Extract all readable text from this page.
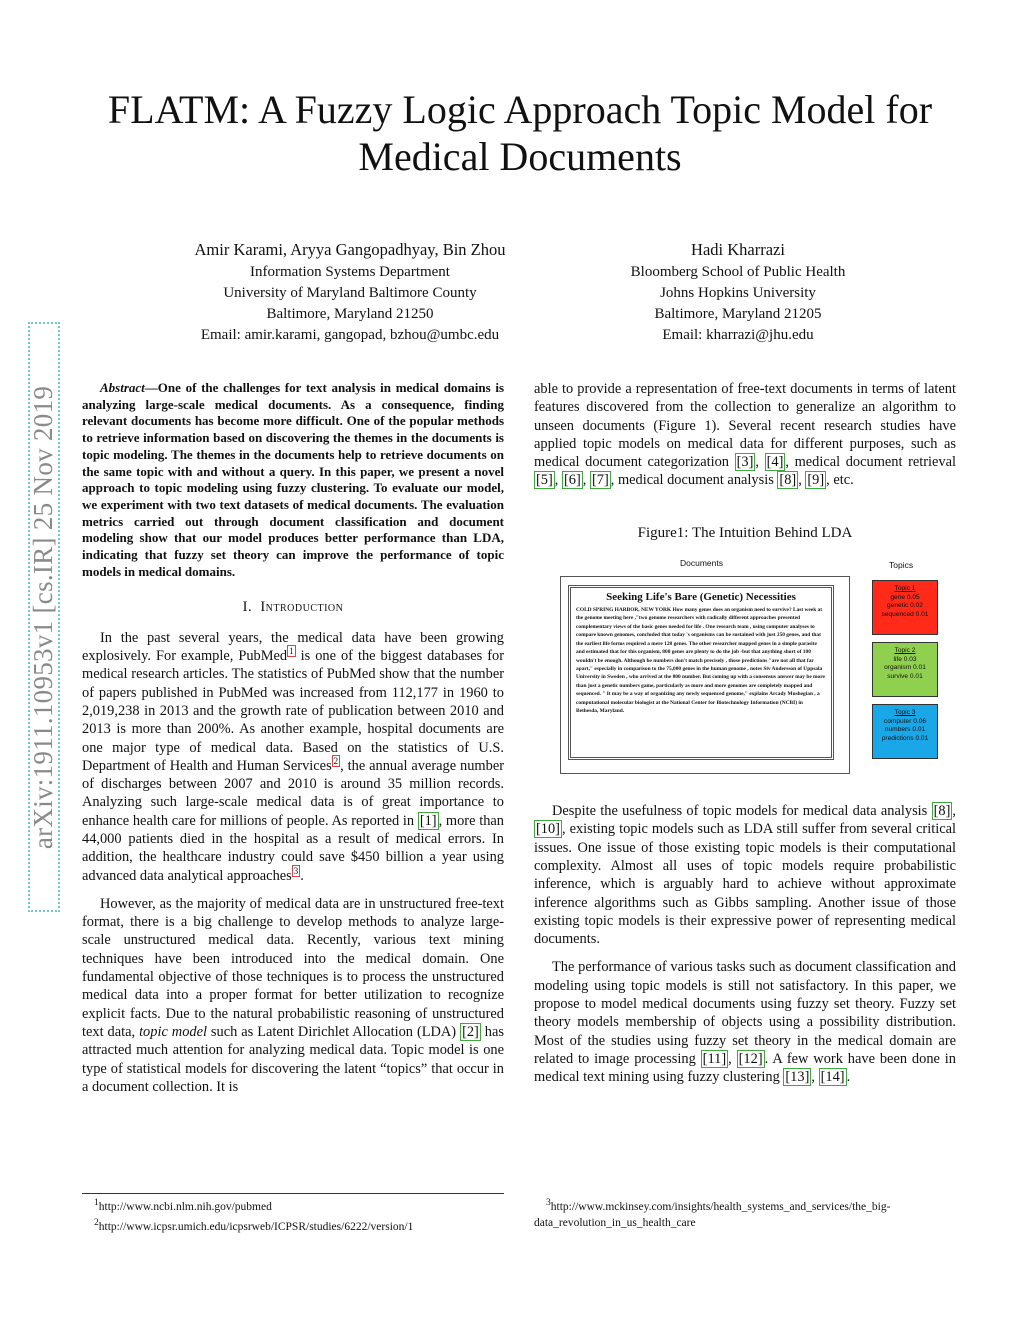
arXiv:1911.10953v1 [cs.IR] 25 Nov 2019
FLATM: A Fuzzy Logic Approach Topic Model for
Medical Documents
Amir Karami, Aryya Gangopadhyay, Bin Zhou
Information Systems Department
University of Maryland Baltimore County
Baltimore, Maryland 21250
Email: amir.karami, gangopad, bzhou@umbc.edu
Hadi Kharrazi
Bloomberg School of Public Health
Johns Hopkins University
Baltimore, Maryland 21205
Email: kharrazi@jhu.edu

Abstract—One of the challenges for text analysis in medical domains is analyzing large-scale medical documents. As a consequence, finding relevant documents has become more difficult. One of the popular methods to retrieve information based on discovering the themes in the documents is topic modeling. The themes in the documents help to retrieve documents on the same topic with and without a query. In this paper, we present a novel approach to topic modeling using fuzzy clustering. To evaluate our model, we experiment with two text datasets of medical documents. The evaluation metrics carried out through document classification and document modeling show that our model produces better performance than LDA, indicating that fuzzy set theory can improve the performance of topic models in medical domains.

I. Introduction

In the past several years, the medical data have been growing explosively. For example, PubMed $^1$ is one of the biggest databases for medical research articles. The statistics of PubMed show that the number of papers published in PubMed was increased from 112,177 in 1960 to 2,019,238 in 2013 and the growth rate of publication between 2010 and 2013 is more than 200%. As another example, hospital documents are one major type of medical data. Based on the statistics of U.S. Department of Health and Human Services $^2$ , the annual average number of discharges between 2007 and 2010 is around 35 million records. Analyzing such large-scale medical data is of great importance to enhance health care for millions of people. As reported in [1] , more than 44,000 patients died in the hospital as a result of medical errors. In addition, the healthcare industry could save $450 billion a year using advanced data analytical approaches $^3$ .

However, as the majority of medical data are in unstructured free-text format, there is a big challenge to develop methods to analyze large-scale unstructured medical data. Recently, various text mining techniques have been introduced into the medical domain. One fundamental objective of those techniques is to process the unstructured medical data into a proper format for better utilization to recognize explicit facts. Due to the natural probabilistic reasoning of unstructured text data, topic model such as Latent Dirichlet Allocation (LDA) [2] has attracted much attention for analyzing medical data. Topic model is one type of statistical models for discovering the latent “topics” that occur in a document collection. It is

$^1$http://www.ncbi.nlm.nih.gov/pubmed
$^2$http://www.icpsr.umich.edu/icpsrweb/ICPSR/studies/6222/version/1

able to provide a representation of free-text documents in terms of latent features discovered from the collection to generalize an algorithm to unseen documents (Figure 1). Several recent research studies have applied topic models on medical data for different purposes, such as medical document categorization [3] , [4] , medical document retrieval [5] , [6] , [7] , medical document analysis [8] , [9] , etc.

Figure1: The Intuition Behind LDA
Documents	Topics
Seeking Life's Bare (Genetic) Necessities
COLD SPRING HARBOR, NEW YORK How many genes does an organism need to survive? Last week at the genome meeting here ,"two genome researchers with radically different approaches presented complementary views of the basic genes needed for life . One research team , using computer analyses to compare known genomes, concluded that today 's organisms can be sustained with just 250 genes, and that the earliest life forms required a mere 128 genes. The other researcher mapped genes in a simple parasite and estimated that for this organism, 800 genes are plenty to do the job -but that anything short of 100 wouldn't be enough. Although he numbers don't match precisely , those predictions "are not all that far apart," especially in comparison to the 75,000 genes in the human genome , notes Siv Andersson of Uppsala University in Sweden , who arrived at the 800 number. But coming up with a consensus answer may be more than just a genetic numbers game, particularly as more and more genomes are completely mapped and sequenced. " It may be a way of organizing any newly sequenced genome," explains Arcady Mushegian , a computational molecular biologist at the National Center for Biotechnology Information (NCBI) in Bethesda, Maryland.
Topic 1
gene 0.05
genetic 0.02
sequenced 0.01
Topic 2
life 0.03
organism 0.01
survive 0.01
Topic 3
computer 0.06
numbers 0.01
predictions 0.01

Despite the usefulness of topic models for medical data analysis [8] , [10] , existing topic models such as LDA still suffer from several critical issues. One issue of those existing topic models is their computational complexity. Almost all uses of topic models require probabilistic inference, which is arguably hard to achieve without approximate inference algorithms such as Gibbs sampling. Another issue of those existing topic models is their expressive power of representing medical documents.

The performance of various tasks such as document classification and modeling using topic models is still not satisfactory. In this paper, we propose to model medical documents using fuzzy set theory. Fuzzy set theory models membership of objects using a possibility distribution. Most of the studies using fuzzy set theory in the medical domain are related to image processing [11] , [12] . A few work have been done in medical text mining using fuzzy clustering [13] , [14] .

$^3$http://www.mckinsey.com/insights/health_systems_and_services/the_big-data_revolution_in_us_health_care
